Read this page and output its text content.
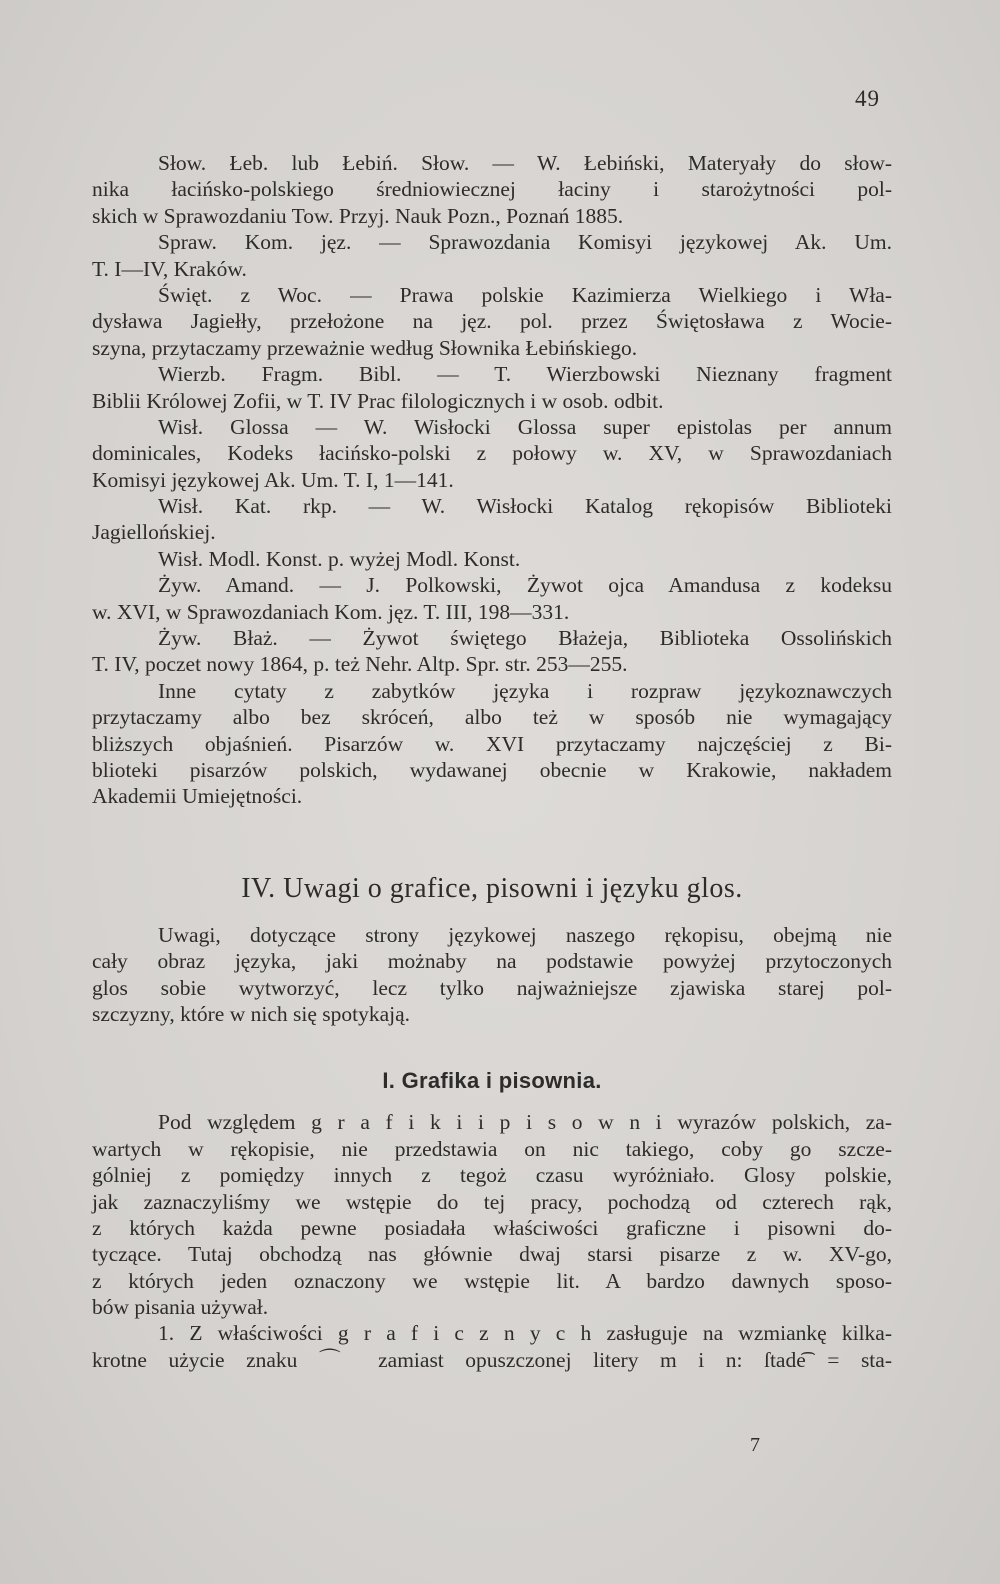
49
Słow. Łeb. lub Łebiń. Słow. — W. Łebiński, Materyały do słow-
nika łacińsko-polskiego średniowiecznej łaciny i starożytności pol-
skich w Sprawozdaniu Tow. Przyj. Nauk Pozn., Poznań 1885.
Spraw. Kom. jęz. — Sprawozdania Komisyi językowej Ak. Um.
T. I—IV, Kraków.
Święt. z Woc. — Prawa polskie Kazimierza Wielkiego i Wła-
dysława Jagiełły, przełożone na jęz. pol. przez Świętosława z Wocie-
szyna, przytaczamy przeważnie według Słownika Łebińskiego.
Wierzb. Fragm. Bibl. — T. Wierzbowski Nieznany fragment
Biblii Królowej Zofii, w T. IV Prac filologicznych i w osob. odbit.
Wisł. Glossa — W. Wisłocki Glossa super epistolas per annum
dominicales, Kodeks łacińsko-polski z połowy w. XV, w Sprawozdaniach
Komisyi językowej Ak. Um. T. I, 1—141.
Wisł. Kat. rkp. — W. Wisłocki Katalog rękopisów Biblioteki
Jagiellońskiej.
Wisł. Modl. Konst. p. wyżej Modl. Konst.
Żyw. Amand. — J. Polkowski, Żywot ojca Amandusa z kodeksu
w. XVI, w Sprawozdaniach Kom. jęz. T. III, 198—331.
Żyw. Błaż. — Żywot świętego Błażeja, Biblioteka Ossolińskich
T. IV, poczet nowy 1864, p. też Nehr. Altp. Spr. str. 253—255.
Inne cytaty z zabytków języka i rozpraw językoznawczych
przytaczamy albo bez skróceń, albo też w sposób nie wymagający
bliższych objaśnień. Pisarzów w. XVI przytaczamy najczęściej z Bi-
blioteki pisarzów polskich, wydawanej obecnie w Krakowie, nakładem
Akademii Umiejętności.
IV. Uwagi o grafice, pisowni i języku glos.
Uwagi, dotyczące strony językowej naszego rękopisu, obejmą nie
cały obraz języka, jaki możnaby na podstawie powyżej przytoczonych
glos sobie wytworzyć, lecz tylko najważniejsze zjawiska starej pol-
szczyzny, które w nich się spotykają.
I. Grafika i pisownia.
Pod względem g r a f i k i i p i s o w n i wyrazów polskich, za-
wartych w rękopisie, nie przedstawia on nic takiego, coby go szcze-
gólniej z pomiędzy innych z tegoż czasu wyróżniało. Glosy polskie,
jak zaznaczyliśmy we wstępie do tej pracy, pochodzą od czterech rąk,
z których każda pewne posiadała właściwości graficzne i pisowni do-
tyczące. Tutaj obchodzą nas głównie dwaj starsi pisarze z w. XV-go,
z których jeden oznaczony we wstępie lit. A bardzo dawnych sposo-
bów pisania używał.
1. Z właściwości g r a f i c z n y c h zasługuje na wzmiankę kilka-
krotne użycie znaku ⌒ zamiast opuszczonej litery m i n: ſtade͡ = sta-
7
